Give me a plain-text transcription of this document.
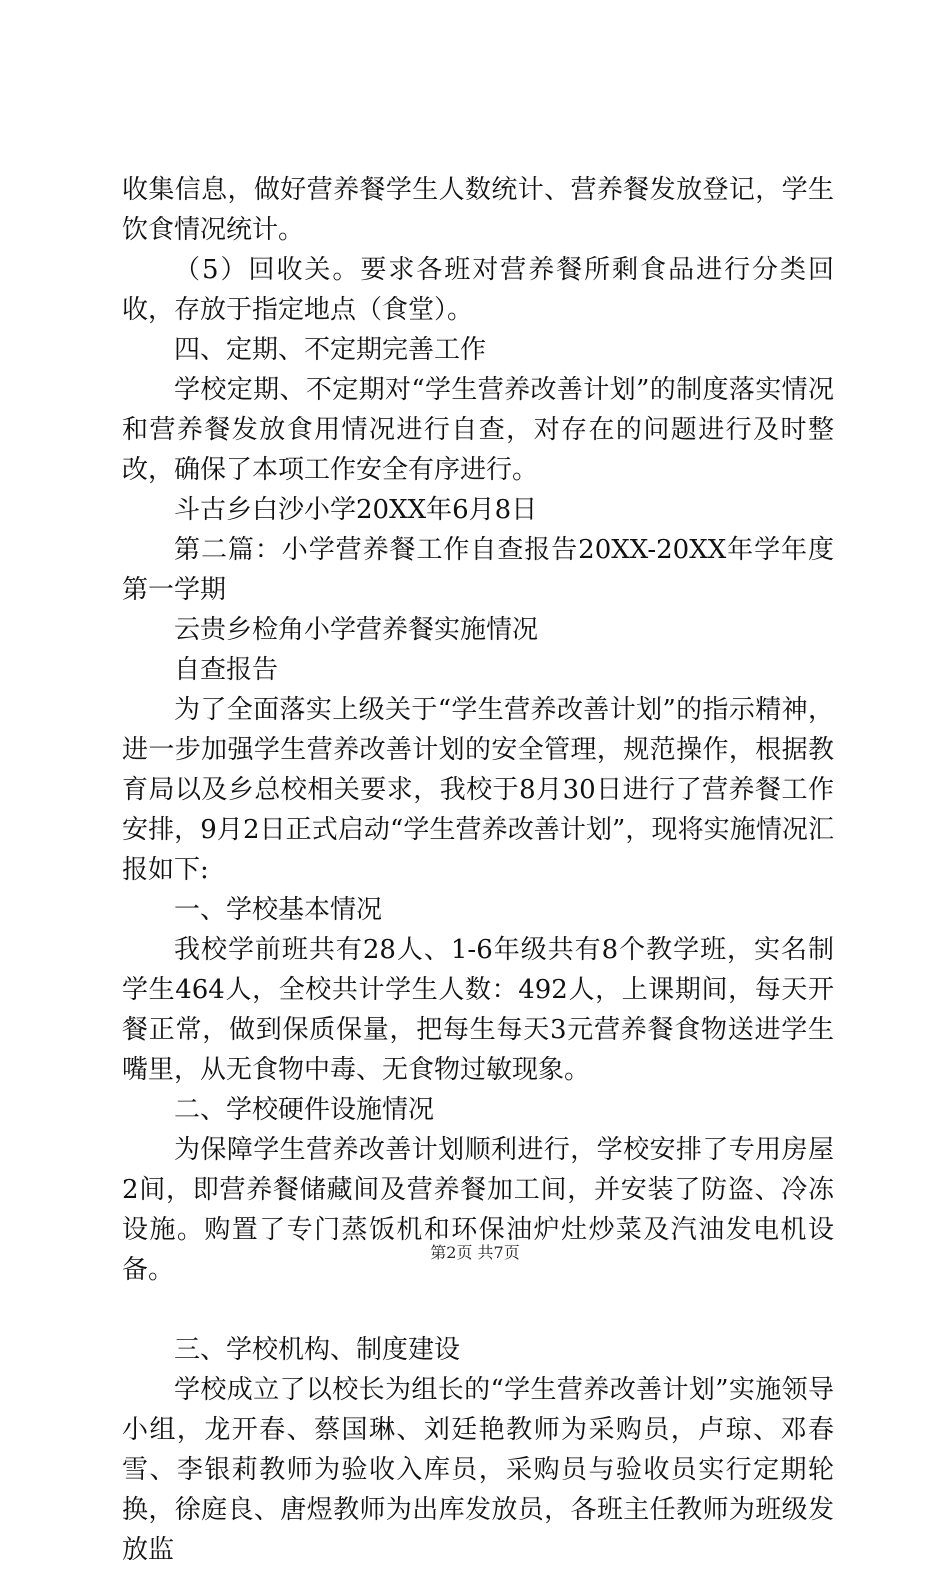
收集信息，做好营养餐学生人数统计、营养餐发放登记，学生饮食情况统计。

（5）回收关。要求各班对营养餐所剩食品进行分类回收，存放于指定地点（食堂）。

四、定期、不定期完善工作

学校定期、不定期对“学生营养改善计划”的制度落实情况和营养餐发放食用情况进行自查，对存在的问题进行及时整改，确保了本项工作安全有序进行。

斗古乡白沙小学20XX年6月8日

第二篇：小学营养餐工作自查报告20XX-20XX年学年度第一学期

云贵乡检角小学营养餐实施情况

自查报告

为了全面落实上级关于“学生营养改善计划”的指示精神，进一步加强学生营养改善计划的安全管理，规范操作，根据教育局以及乡总校相关要求，我校于8月30日进行了营养餐工作安排，9月2日正式启动“学生营养改善计划”，现将实施情况汇报如下:

一、学校基本情况

我校学前班共有28人、1-6年级共有8个教学班，实名制学生464人，全校共计学生人数：492人，上课期间，每天开餐正常，做到保质保量，把每生每天3元营养餐食物送进学生嘴里，从无食物中毒、无食物过敏现象。

二、学校硬件设施情况

为保障学生营养改善计划顺利进行，学校安排了专用房屋2间，即营养餐储藏间及营养餐加工间，并安装了防盗、冷冻设施。购置了专门蒸饭机和环保油炉灶炒菜及汽油发电机设备。

三、学校机构、制度建设

学校成立了以校长为组长的“学生营养改善计划”实施领导小组，龙开春、蔡国琳、刘廷艳教师为采购员，卢琼、邓春雪、李银莉教师为验收入库员，采购员与验收员实行定期轮换，徐庭良、唐煜教师为出库发放员，各班主任教师为班级发放监

第2页 共7页
